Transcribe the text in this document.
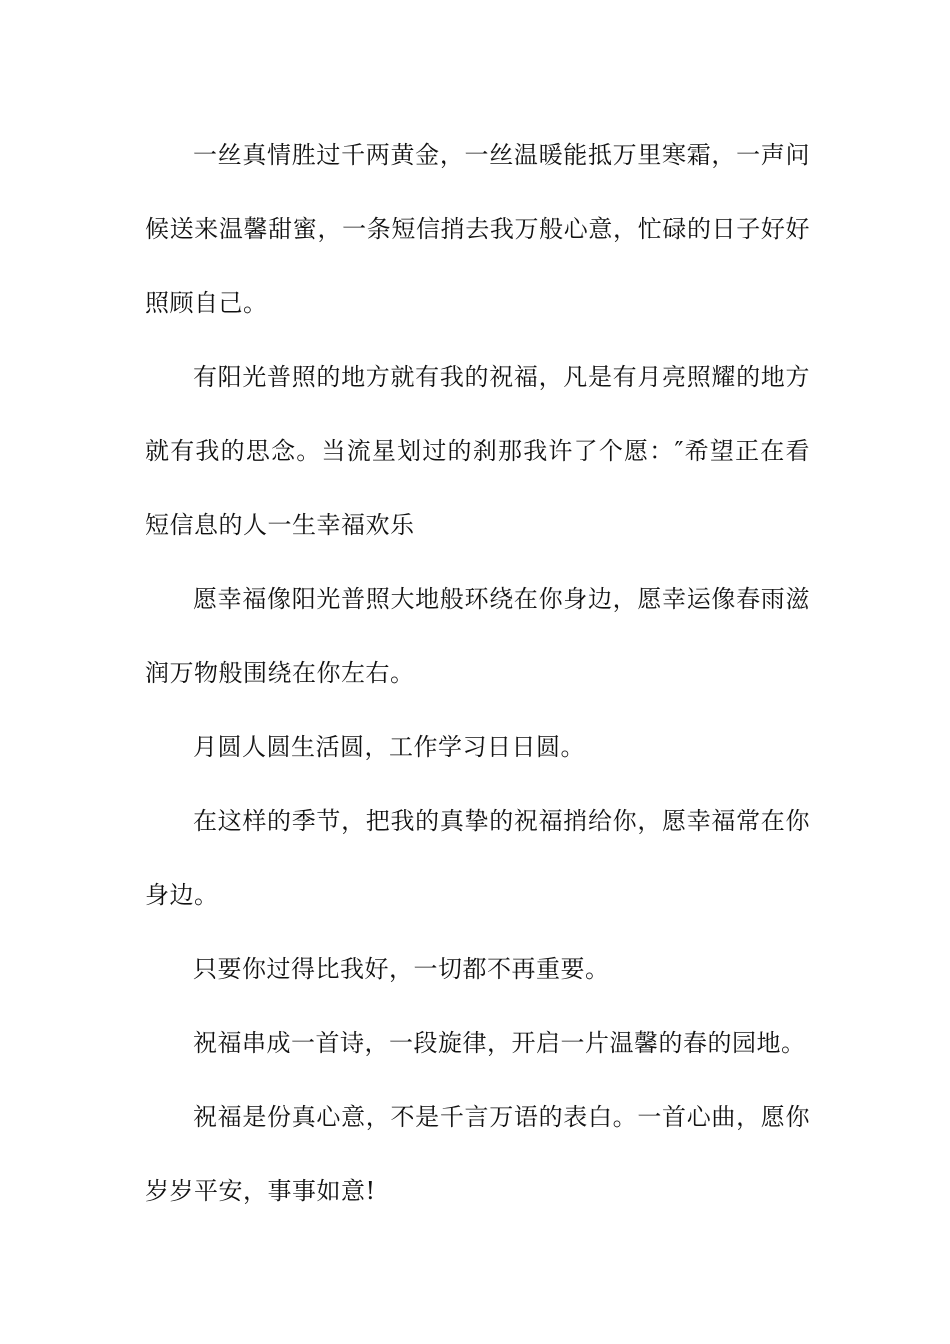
一丝真情胜过千两黄金，一丝温暖能抵万里寒霜，一声问候送来温馨甜蜜，一条短信捎去我万般心意，忙碌的日子好好照顾自己。

有阳光普照的地方就有我的祝福，凡是有月亮照耀的地方就有我的思念。当流星划过的刹那我许了个愿：″希望正在看短信息的人一生幸福欢乐

愿幸福像阳光普照大地般环绕在你身边，愿幸运像春雨滋润万物般围绕在你左右。

月圆人圆生活圆，工作学习日日圆。

在这样的季节，把我的真挚的祝福捎给你，愿幸福常在你身边。

只要你过得比我好，一切都不再重要。

祝福串成一首诗，一段旋律，开启一片温馨的春的园地。

祝福是份真心意，不是千言万语的表白。一首心曲，愿你岁岁平安，事事如意!
